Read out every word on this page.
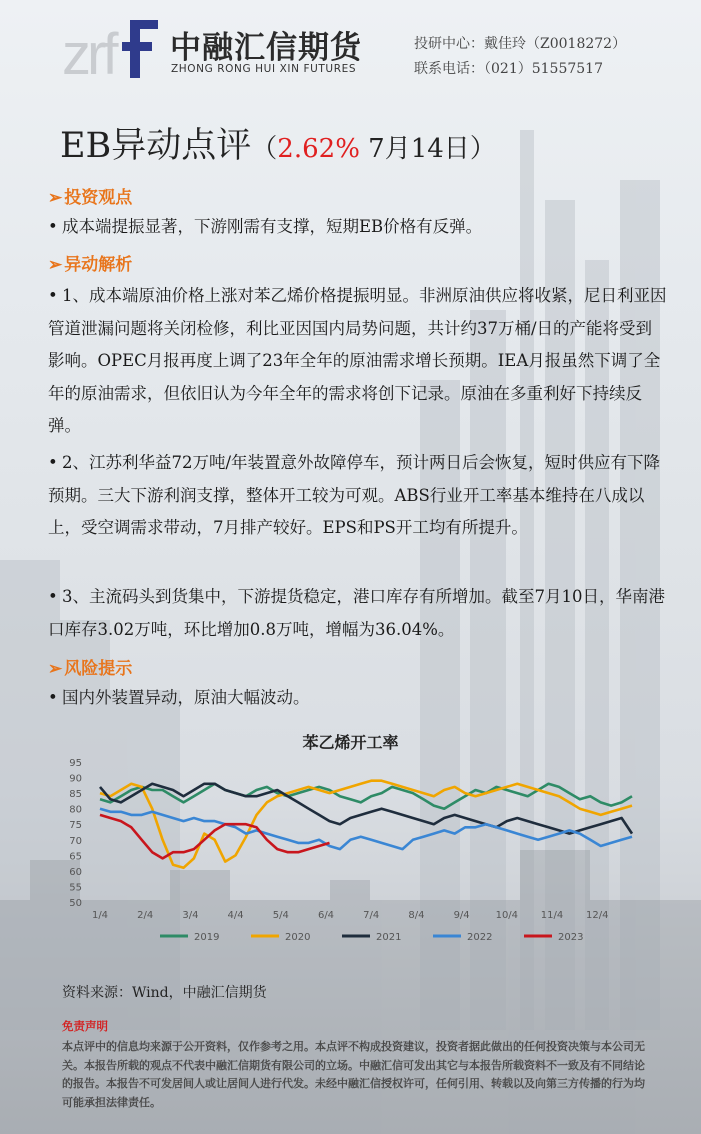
zrf 中融汇信期货
ZHONG RONG HUI XIN FUTURES
投研中心：戴佳玲（Z0018272）
联系电话：（021）51557517
EB异动点评（2.62% 7月14日）
➢ 投资观点
• 成本端提振显著，下游刚需有支撑，短期EB价格有反弹。
➢ 异动解析
• 1、成本端原油价格上涨对苯乙烯价格提振明显。非洲原油供应将收紧，尼日利亚因管道泄漏问题将关闭检修，利比亚因国内局势问题，共计约37万桶/日的产能将受到影响。OPEC月报再度上调了23年全年的原油需求增长预期。IEA月报虽然下调了全年的原油需求，但依旧认为今年全年的需求将创下记录。原油在多重利好下持续反弹。
• 2、江苏利华益72万吨/年装置意外故障停车，预计两日后会恢复，短时供应有下降预期。三大下游利润支撑，整体开工较为可观。ABS行业开工率基本维持在八成以上，受空调需求带动，7月排产较好。EPS和PS开工均有所提升。
• 3、主流码头到货集中，下游提货稳定，港口库存有所增加。截至7月10日，华南港口库存3.02万吨，环比增加0.8万吨，增幅为36.04%。
➢ 风险提示
• 国内外装置异动，原油大幅波动。
苯乙烯开工率
50
55
60
65
70
75
80
85
90
95
1/4	2/4	3/4	4/4	5/4	6/4	7/4	8/4	9/4	10/4 11/4 12/4
2019	2020	2021	2022	2023
资料来源：Wind，中融汇信期货
免责声明
本点评中的信息均来源于公开资料，仅作参考之用。本点评不构成投资建议，投资者据此做出的任何投资决策与本公司无关。本报告所载的观点不代表中融汇信期货有限公司的立场。中融汇信可发出其它与本报告所载资料不一致及有不同结论的报告。本报告不可发居间人或让居间人进行代发。未经中融汇信授权许可，任何引用、转载以及向第三方传播的行为均可能承担法律责任。
